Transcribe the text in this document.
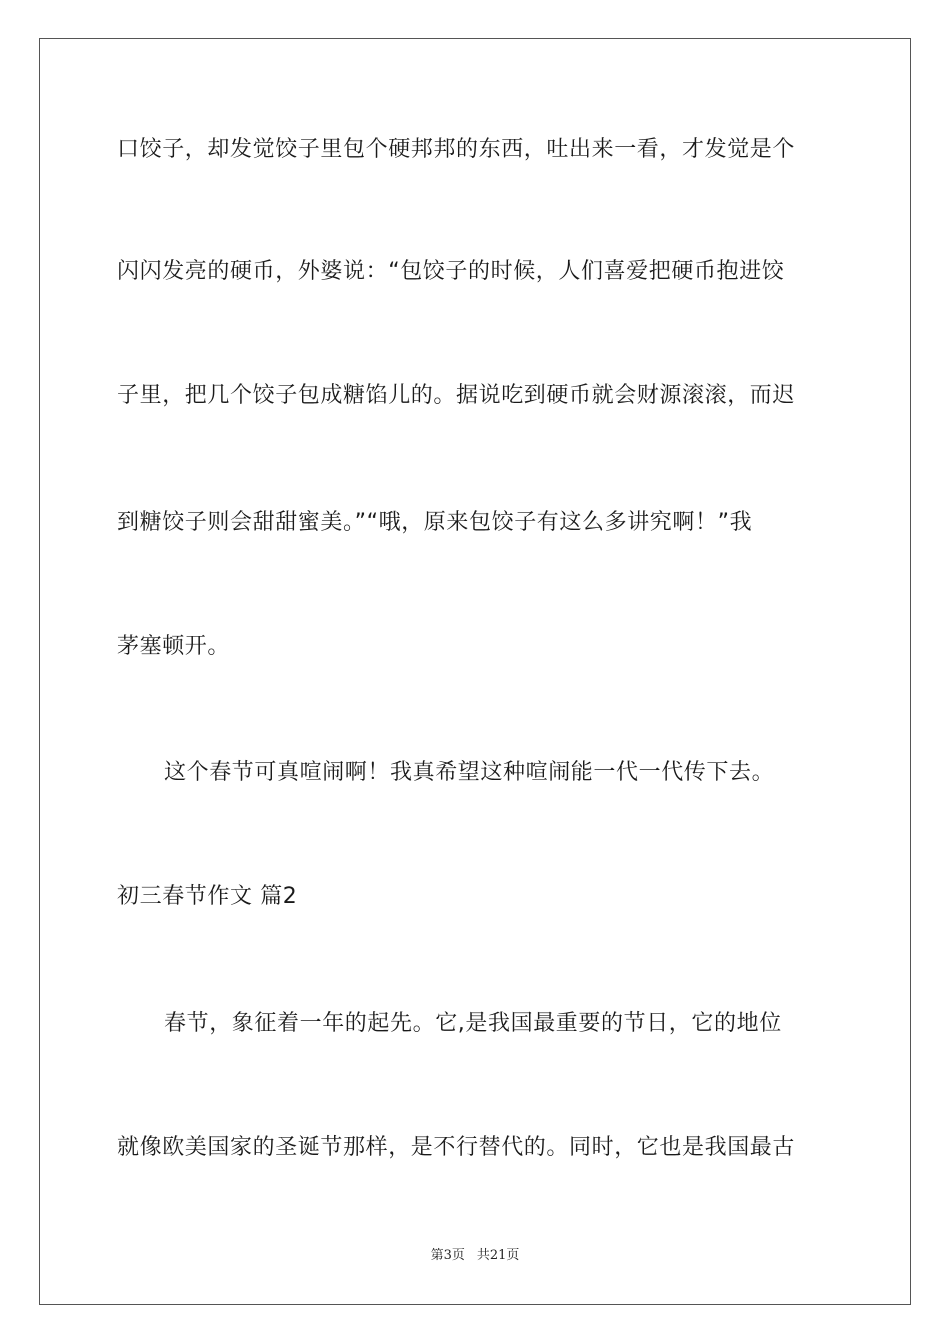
口饺子，却发觉饺子里包个硬邦邦的东西，吐出来一看，才发觉是个
闪闪发亮的硬币，外婆说：“包饺子的时候，人们喜爱把硬币抱进饺
子里，把几个饺子包成糖馅儿的。据说吃到硬币就会财源滚滚，而迟
到糖饺子则会甜甜蜜美。”“哦，原来包饺子有这么多讲究啊！”我
茅塞顿开。
这个春节可真喧闹啊！我真希望这种喧闹能一代一代传下去。
初三春节作文 篇2
春节，象征着一年的起先。它,是我国最重要的节日，它的地位
就像欧美国家的圣诞节那样，是不行替代的。同时，它也是我国最古
第3页 共21页
